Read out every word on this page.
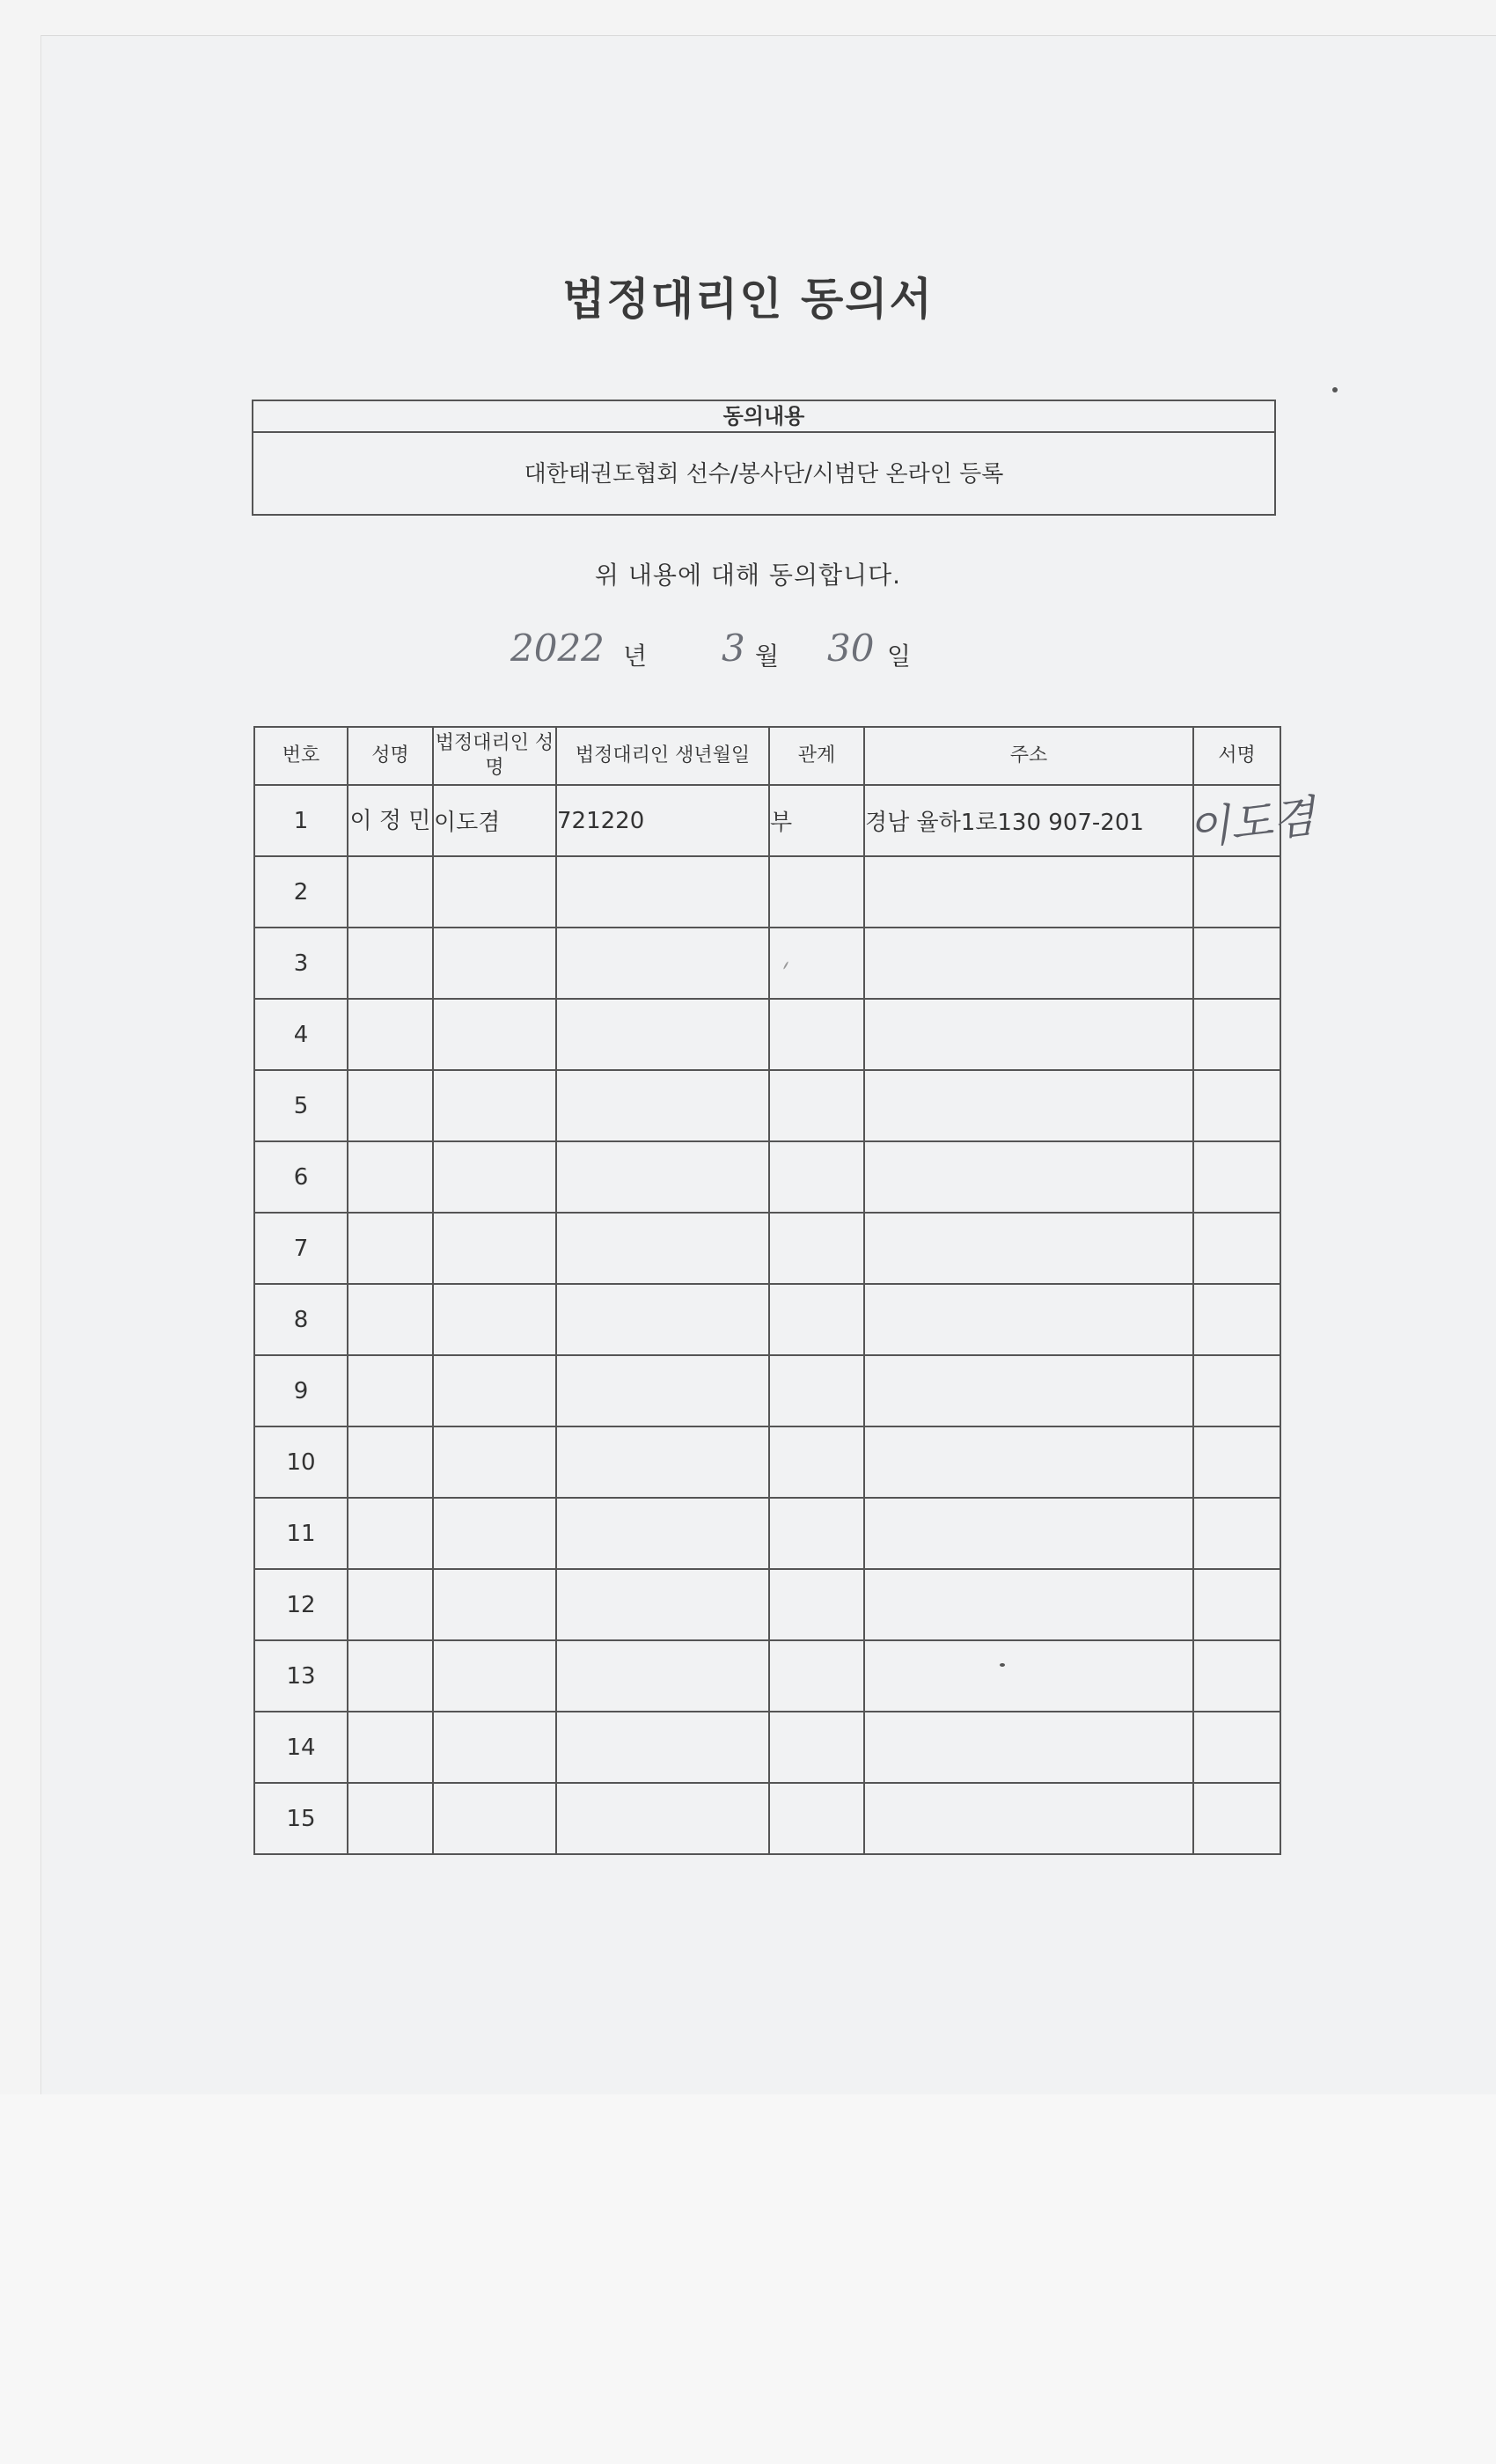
법정대리인 동의서
동의내용
대한태권도협회 선수/봉사단/시범단 온라인 등록
위 내용에 대해 동의합니다.
2022 년 3 월 30 일
번호	성명	법정대리인 성명	법정대리인 생년월일	관계	주소	서명
1	이 정 민	이도겸	721220	부	경남 율하1로130 907-201	이도겸

2						
3						
4						
5						
6						
7						
8						
9						
10						
11						
12						
13						
14						
15						
